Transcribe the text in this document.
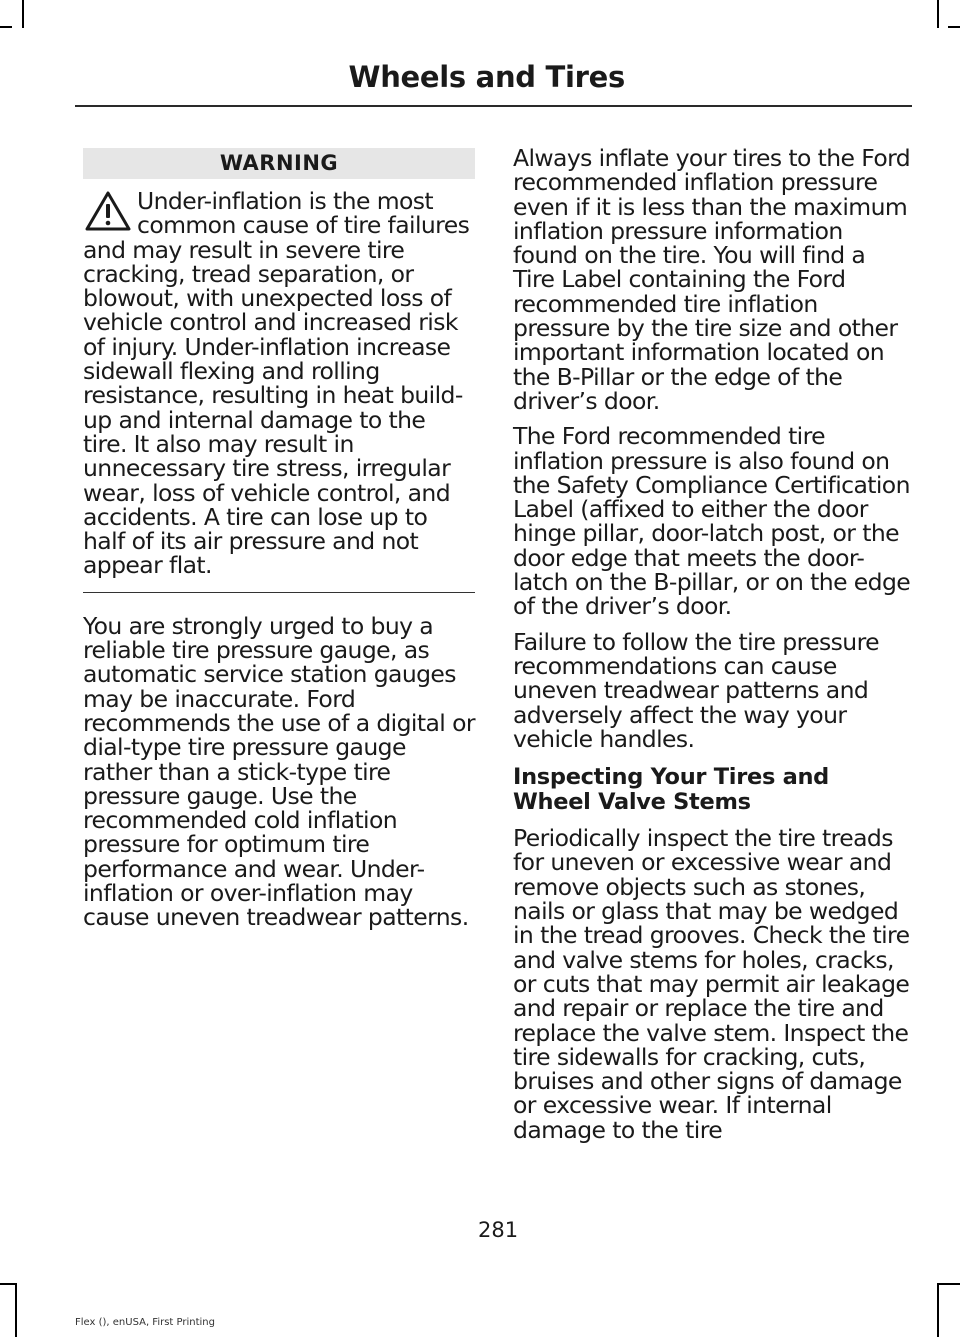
Wheels and Tires
WARNING
Under-inflation is the most common cause of tire failures and may result in severe tire cracking, tread separation, or blowout, with unexpected loss of vehicle control and increased risk of injury. Under-inflation increase sidewall flexing and rolling resistance, resulting in heat build-up and internal damage to the tire. It also may result in unnecessary tire stress, irregular wear, loss of vehicle control, and accidents. A tire can lose up to half of its air pressure and not appear flat.

You are strongly urged to buy a reliable tire pressure gauge, as automatic service station gauges may be inaccurate. Ford recommends the use of a digital or dial-type tire pressure gauge rather than a stick-type tire pressure gauge. Use the recommended cold inflation pressure for optimum tire performance and wear. Under-inflation or over-inflation may cause uneven treadwear patterns.

Always inflate your tires to the Ford recommended inflation pressure even if it is less than the maximum inflation pressure information found on the tire. You will find a Tire Label containing the Ford recommended tire inflation pressure by the tire size and other important information located on the B-Pillar or the edge of the driver’s door.

The Ford recommended tire inflation pressure is also found on the Safety Compliance Certification Label (affixed to either the door hinge pillar, door-latch post, or the door edge that meets the door-latch on the B-pillar, or on the edge of the driver’s door.

Failure to follow the tire pressure recommendations can cause uneven treadwear patterns and adversely affect the way your vehicle handles.

Inspecting Your Tires and Wheel Valve Stems

Periodically inspect the tire treads for uneven or excessive wear and remove objects such as stones, nails or glass that may be wedged in the tread grooves. Check the tire and valve stems for holes, cracks, or cuts that may permit air leakage and repair or replace the tire and replace the valve stem. Inspect the tire sidewalls for cracking, cuts, bruises and other signs of damage or excessive wear. If internal damage to the tire

281
Flex (), enUSA, First Printing
